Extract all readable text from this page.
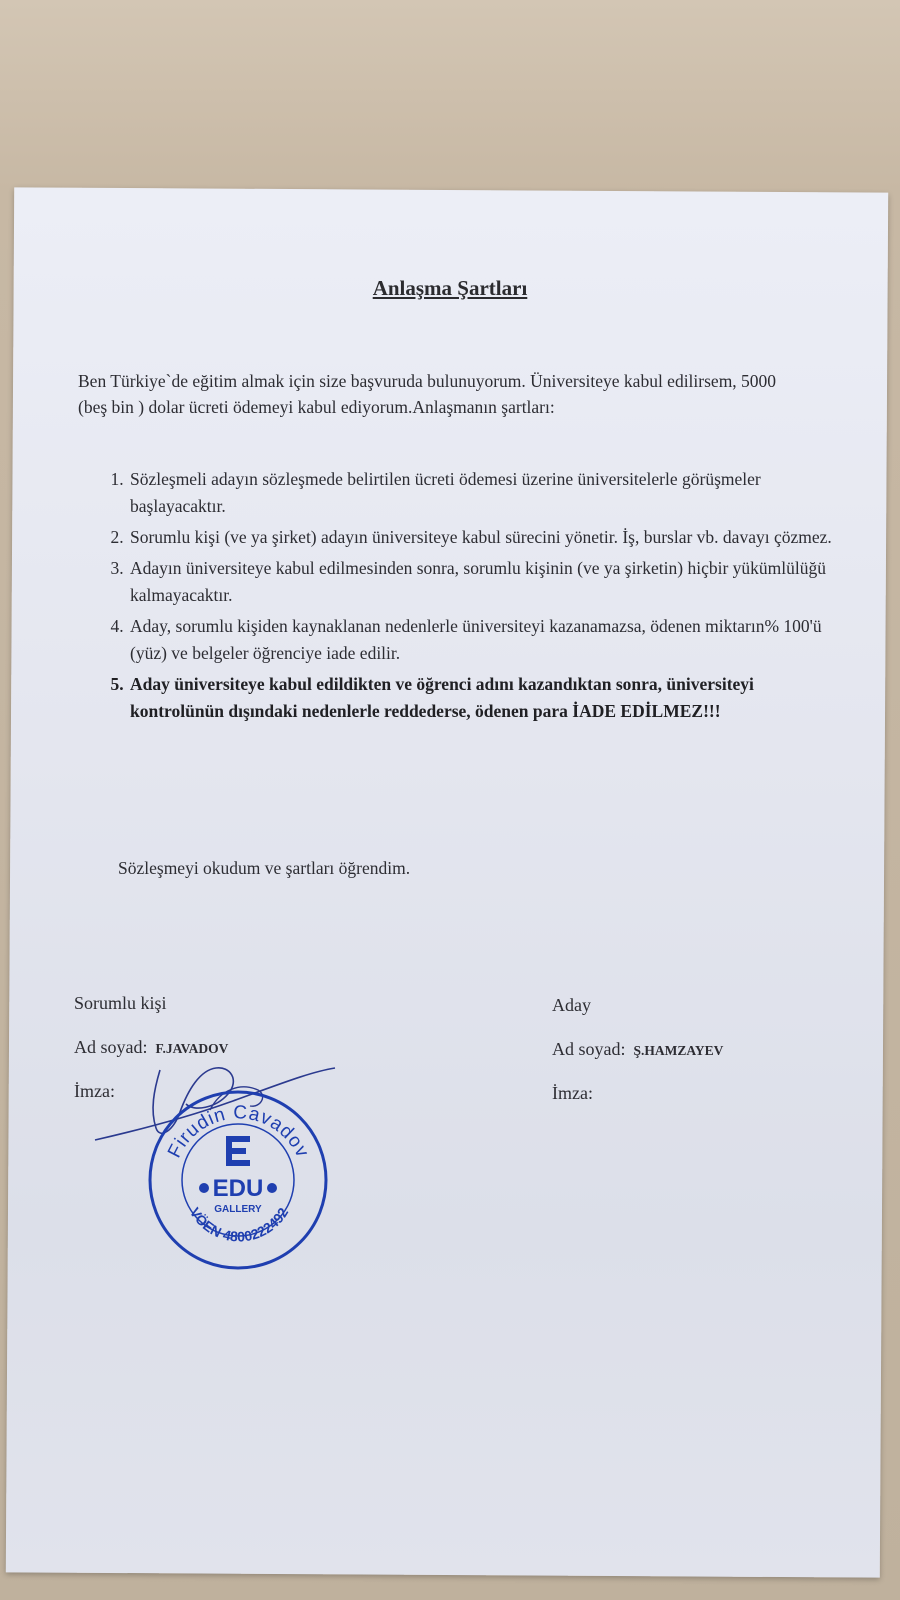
Anlaşma Şartları
Ben Türkiye`de eğitim almak için size başvuruda bulunuyorum. Üniversiteye kabul edilirsem, 5000 (beş bin ) dolar ücreti ödemeyi kabul ediyorum.Anlaşmanın şartları:
1. Sözleşmeli adayın sözleşmede belirtilen ücreti ödemesi üzerine üniversitelerle görüşmeler başlayacaktır.
2. Sorumlu kişi (ve ya şirket) adayın üniversiteye kabul sürecini yönetir. İş, burslar vb. davayı çözmez.
3. Adayın üniversiteye kabul edilmesinden sonra, sorumlu kişinin (ve ya şirketin) hiçbir yükümlülüğü kalmayacaktır.
4. Aday, sorumlu kişiden kaynaklanan nedenlerle üniversiteyi kazanamazsa, ödenen miktarın% 100'ü (yüz) ve belgeler öğrenciye iade edilir.
5. Aday üniversiteye kabul edildikten ve öğrenci adını kazandıktan sonra, üniversiteyi kontrolünün dışındaki nedenlerle reddederse, ödenen para İADE EDİLMEZ!!!
Sözleşmeyi okudum ve şartları öğrendim.
Sorumlu kişi
Ad soyad: F.JAVADOV
İmza:
Aday
Ad soyad: Ş.HAMZAYEV
İmza:
Firudin Cavadov
VÖEN 4800222492
EDU
GALLERY
